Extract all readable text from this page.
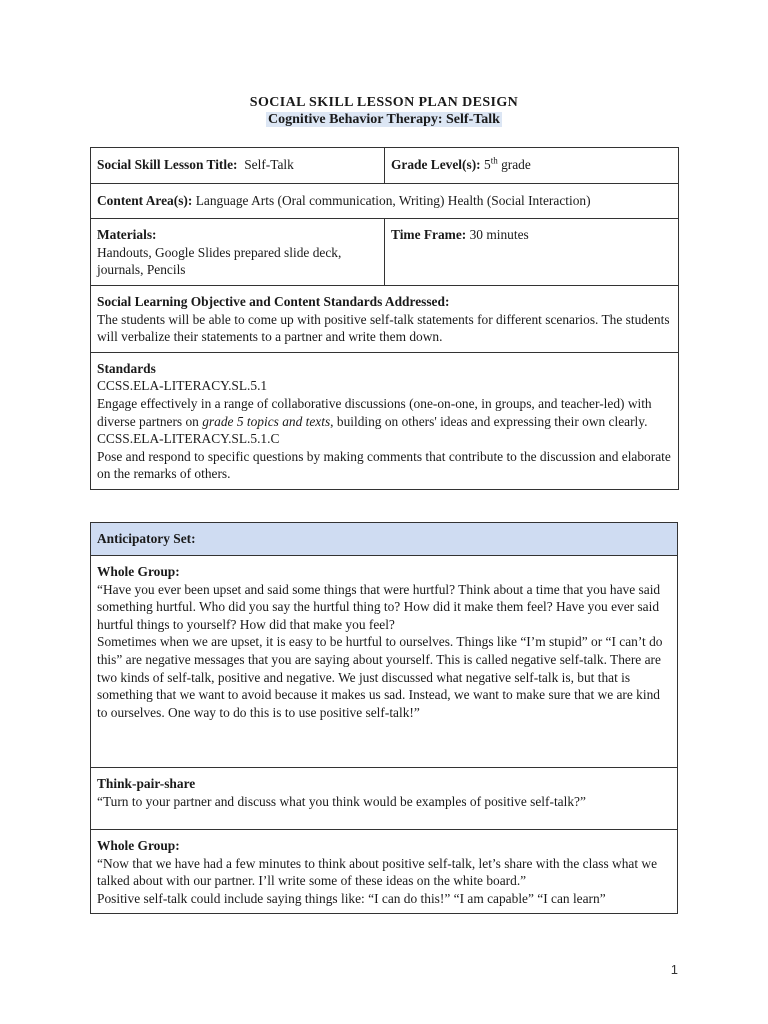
SOCIAL SKILL LESSON PLAN DESIGN
Cognitive Behavior Therapy: Self-Talk
Social Skill Lesson Title: Self-Talk	Grade Level(s): 5th grade
Content Area(s): Language Arts (Oral communication, Writing) Health (Social Interaction)	
Materials:
Handouts, Google Slides prepared slide deck, journals, Pencils	Time Frame: 30 minutes
Social Learning Objective and Content Standards Addressed:
The students will be able to come up with positive self-talk statements for different scenarios. The students will verbalize their statements to a partner and write them down.	
Standards
CCSS.ELA-LITERACY.SL.5.1
Engage effectively in a range of collaborative discussions (one-on-one, in groups, and teacher-led) with diverse partners on grade 5 topics and texts, building on others' ideas and expressing their own clearly.
CCSS.ELA-LITERACY.SL.5.1.C
Pose and respond to specific questions by making comments that contribute to the discussion and elaborate on the remarks of others.	
Anticipatory Set:
Whole Group:
“Have you ever been upset and said some things that were hurtful? Think about a time that you have said something hurtful. Who did you say the hurtful thing to? How did it make them feel? Have you ever said hurtful things to yourself? How did that make you feel?
Sometimes when we are upset, it is easy to be hurtful to ourselves. Things like “I’m stupid” or “I can’t do this” are negative messages that you are saying about yourself. This is called negative self-talk. There are two kinds of self-talk, positive and negative. We just discussed what negative self-talk is, but that is something that we want to avoid because it makes us sad. Instead, we want to make sure that we are kind to ourselves. One way to do this is to use positive self-talk!”
Think-pair-share
“Turn to your partner and discuss what you think would be examples of positive self-talk?”
Whole Group:
“Now that we have had a few minutes to think about positive self-talk, let’s share with the class what we talked about with our partner. I’ll write some of these ideas on the white board.”
Positive self-talk could include saying things like: “I can do this!” “I am capable” “I can learn”
1
